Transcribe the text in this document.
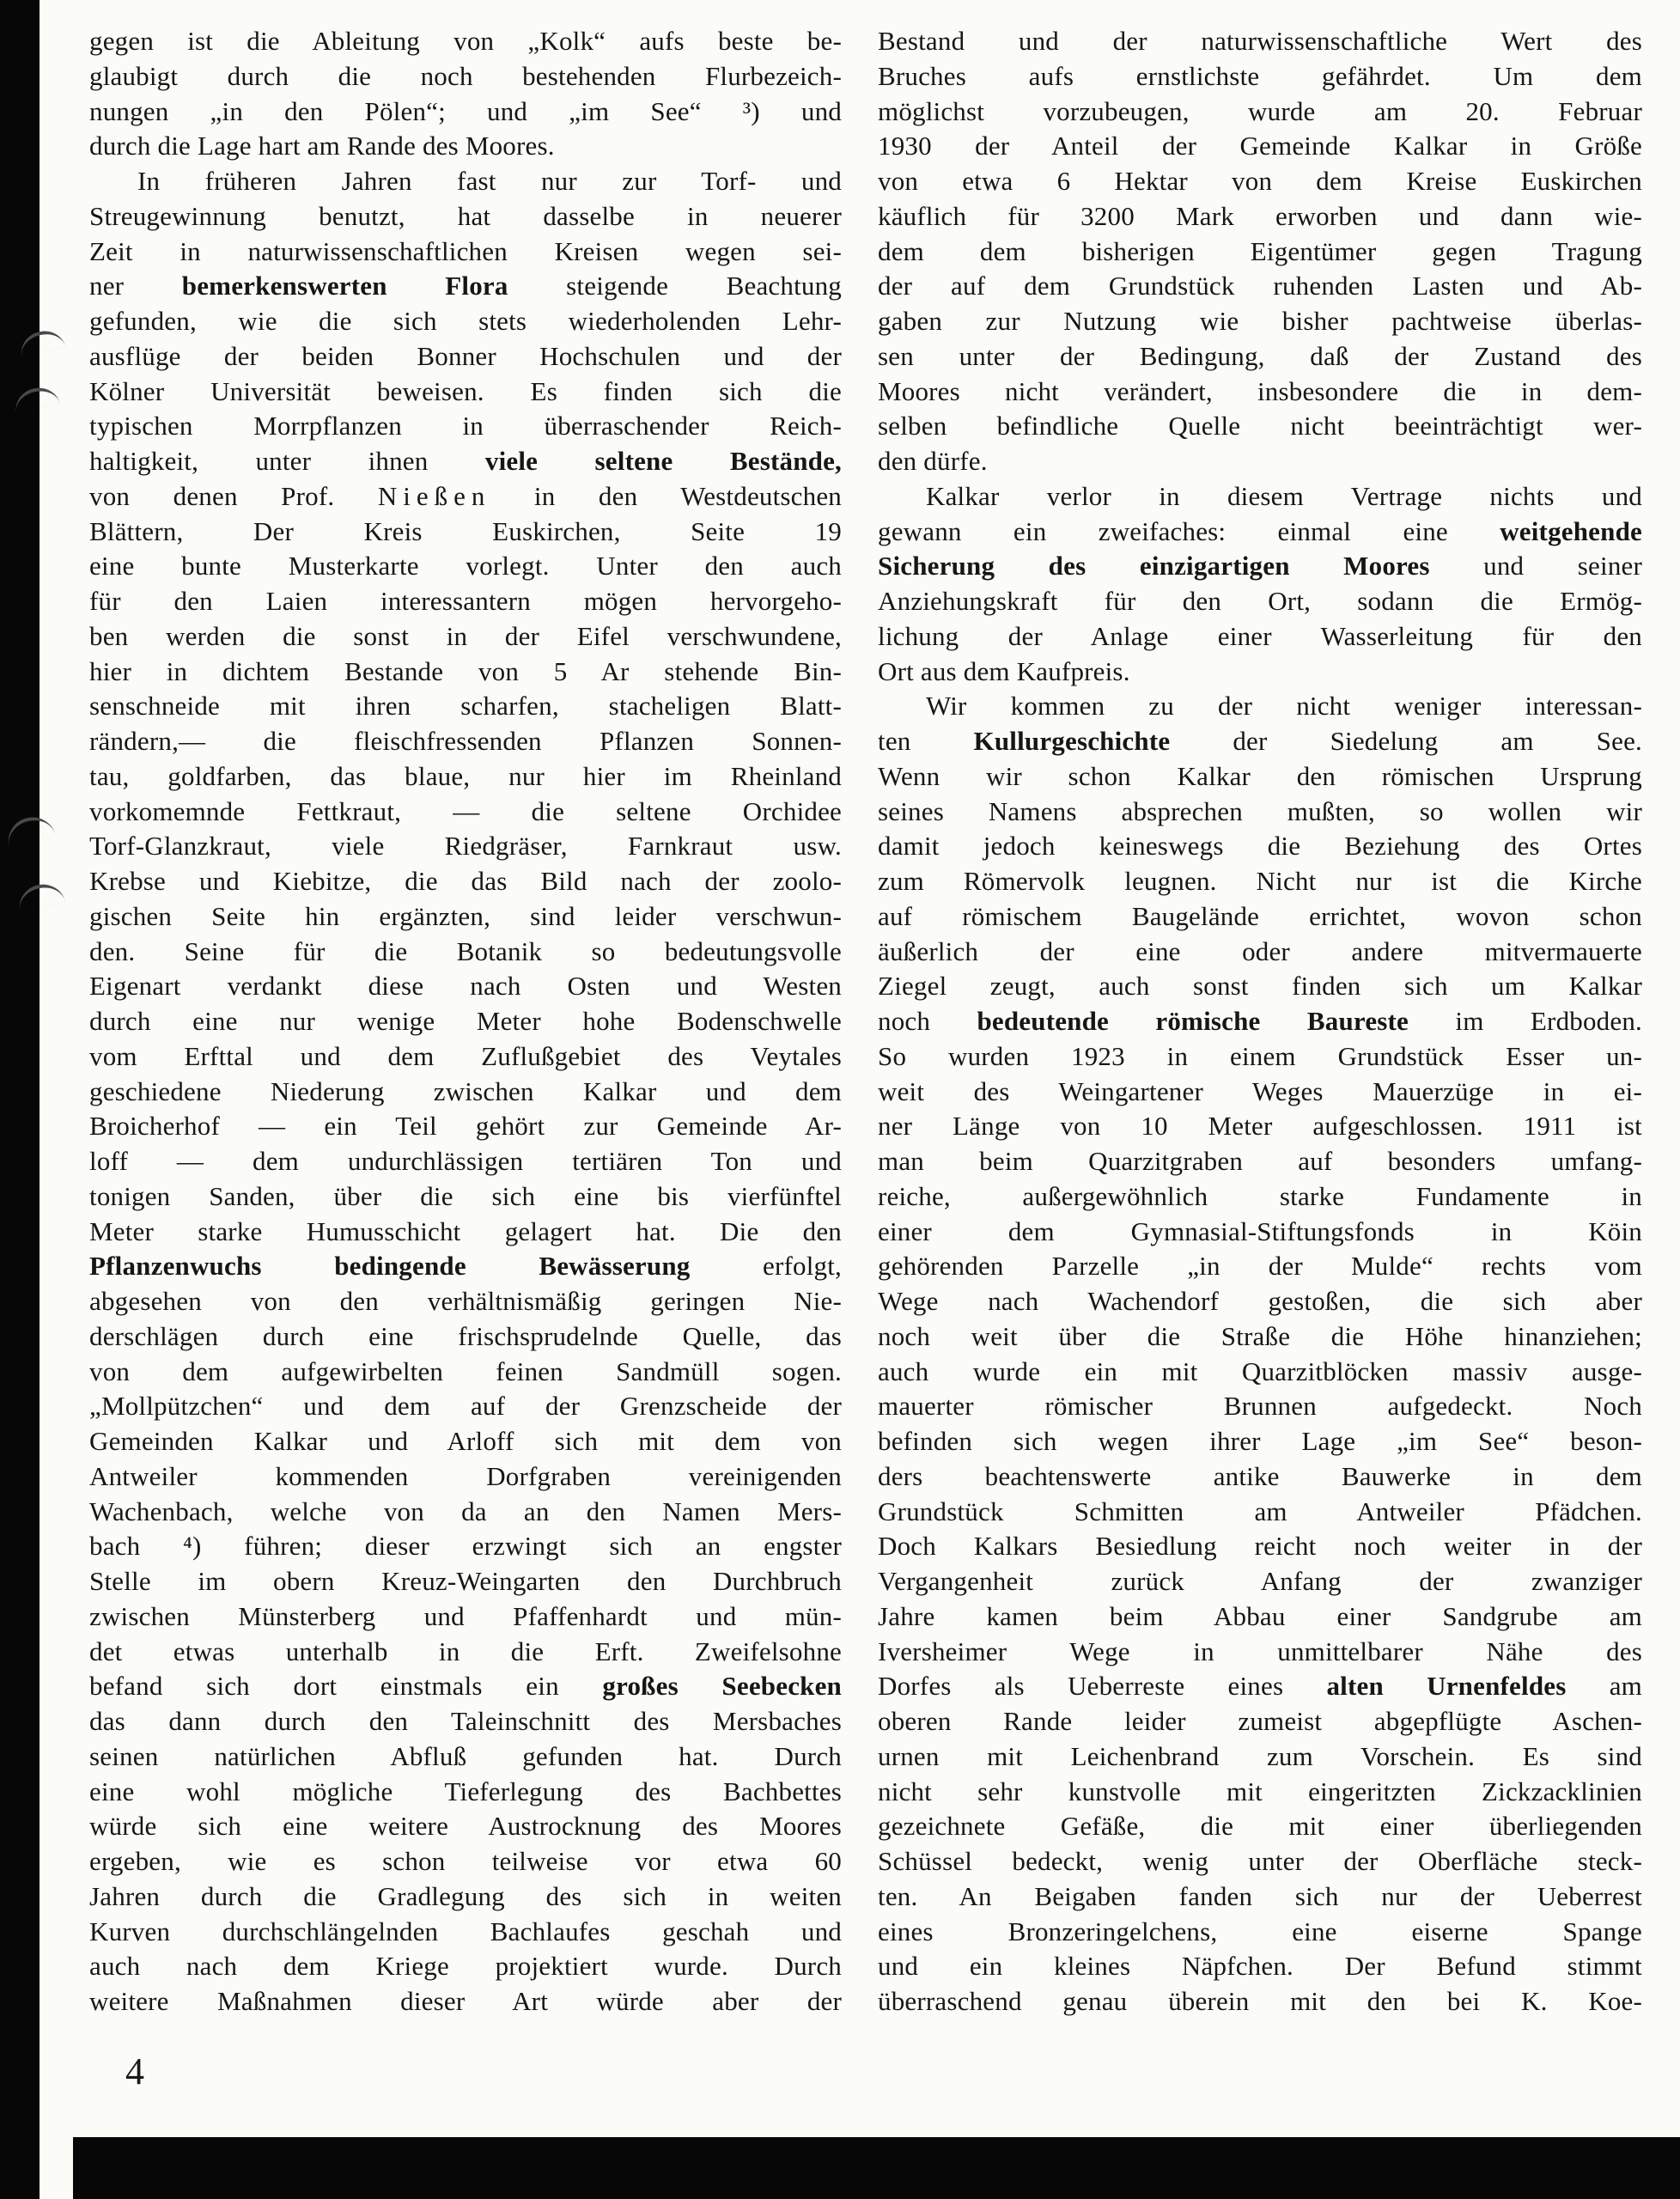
gegen ist die Ableitung von „Kolk“ aufs beste be-
glaubigt durch die noch bestehenden Flurbezeich-
nungen „in den Pölen“; und „im See“ ³) und
durch die Lage hart am Rande des Moores.
In früheren Jahren fast nur zur Torf- und
Streugewinnung benutzt, hat dasselbe in neuerer
Zeit in naturwissenschaftlichen Kreisen wegen sei-
ner bemerkenswerten Flora steigende Beachtung
gefunden, wie die sich stets wiederholenden Lehr-
ausflüge der beiden Bonner Hochschulen und der
Kölner Universität beweisen. Es finden sich die
typischen Morrpflanzen in überraschender Reich-
haltigkeit, unter ihnen viele seltene Bestände,
von denen Prof. Nießen in den Westdeutschen
Blättern, Der Kreis Euskirchen, Seite 19
eine bunte Musterkarte vorlegt. Unter den auch
für den Laien interessantern mögen hervorgeho-
ben werden die sonst in der Eifel verschwundene,
hier in dichtem Bestande von 5 Ar stehende Bin-
senschneide mit ihren scharfen, stacheligen Blatt-
rändern,— die fleischfressenden Pflanzen Sonnen-
tau, goldfarben, das blaue, nur hier im Rheinland
vorkomemnde Fettkraut, — die seltene Orchidee
Torf-Glanzkraut, viele Riedgräser, Farnkraut usw.
Krebse und Kiebitze, die das Bild nach der zoolo-
gischen Seite hin ergänzten, sind leider verschwun-
den. Seine für die Botanik so bedeutungsvolle
Eigenart verdankt diese nach Osten und Westen
durch eine nur wenige Meter hohe Bodenschwelle
vom Erfttal und dem Zuflußgebiet des Veytales
geschiedene Niederung zwischen Kalkar und dem
Broicherhof — ein Teil gehört zur Gemeinde Ar-
loff — dem undurchlässigen tertiären Ton und
tonigen Sanden, über die sich eine bis vierfünftel
Meter starke Humusschicht gelagert hat. Die den
Pflanzenwuchs bedingende Bewässerung erfolgt,
abgesehen von den verhältnismäßig geringen Nie-
derschlägen durch eine frischsprudelnde Quelle, das
von dem aufgewirbelten feinen Sandmüll sogen.
„Mollpützchen“ und dem auf der Grenzscheide der
Gemeinden Kalkar und Arloff sich mit dem von
Antweiler kommenden Dorfgraben vereinigenden
Wachenbach, welche von da an den Namen Mers-
bach ⁴) führen; dieser erzwingt sich an engster
Stelle im obern Kreuz-Weingarten den Durchbruch
zwischen Münsterberg und Pfaffenhardt und mün-
det etwas unterhalb in die Erft. Zweifelsohne
befand sich dort einstmals ein großes Seebecken
das dann durch den Taleinschnitt des Mersbaches
seinen natürlichen Abfluß gefunden hat. Durch
eine wohl mögliche Tieferlegung des Bachbettes
würde sich eine weitere Austrocknung des Moores
ergeben, wie es schon teilweise vor etwa 60
Jahren durch die Gradlegung des sich in weiten
Kurven durchschlängelnden Bachlaufes geschah und
auch nach dem Kriege projektiert wurde. Durch
weitere Maßnahmen dieser Art würde aber der
Bestand und der naturwissenschaftliche Wert des
Bruches aufs ernstlichste gefährdet. Um dem
möglichst vorzubeugen, wurde am 20. Februar
1930 der Anteil der Gemeinde Kalkar in Größe
von etwa 6 Hektar von dem Kreise Euskirchen
käuflich für 3200 Mark erworben und dann wie-
dem dem bisherigen Eigentümer gegen Tragung
der auf dem Grundstück ruhenden Lasten und Ab-
gaben zur Nutzung wie bisher pachtweise überlas-
sen unter der Bedingung, daß der Zustand des
Moores nicht verändert, insbesondere die in dem-
selben befindliche Quelle nicht beeinträchtigt wer-
den dürfe.
Kalkar verlor in diesem Vertrage nichts und
gewann ein zweifaches: einmal eine weitgehende
Sicherung des einzigartigen Moores und seiner
Anziehungskraft für den Ort, sodann die Ermög-
lichung der Anlage einer Wasserleitung für den
Ort aus dem Kaufpreis.
Wir kommen zu der nicht weniger interessan-
ten Kullurgeschichte der Siedelung am See.
Wenn wir schon Kalkar den römischen Ursprung
seines Namens absprechen mußten, so wollen wir
damit jedoch keineswegs die Beziehung des Ortes
zum Römervolk leugnen. Nicht nur ist die Kirche
auf römischem Baugelände errichtet, wovon schon
äußerlich der eine oder andere mitvermauerte
Ziegel zeugt, auch sonst finden sich um Kalkar
noch bedeutende römische Baureste im Erdboden.
So wurden 1923 in einem Grundstück Esser un-
weit des Weingartener Weges Mauerzüge in ei-
ner Länge von 10 Meter aufgeschlossen. 1911 ist
man beim Quarzitgraben auf besonders umfang-
reiche, außergewöhnlich starke Fundamente in
einer dem Gymnasial-Stiftungsfonds in Köin
gehörenden Parzelle „in der Mulde“ rechts vom
Wege nach Wachendorf gestoßen, die sich aber
noch weit über die Straße die Höhe hinanziehen;
auch wurde ein mit Quarzitblöcken massiv ausge-
mauerter römischer Brunnen aufgedeckt. Noch
befinden sich wegen ihrer Lage „im See“ beson-
ders beachtenswerte antike Bauwerke in dem
Grundstück Schmitten am Antweiler Pfädchen.
Doch Kalkars Besiedlung reicht noch weiter in der
Vergangenheit zurück Anfang der zwanziger
Jahre kamen beim Abbau einer Sandgrube am
Iversheimer Wege in unmittelbarer Nähe des
Dorfes als Ueberreste eines alten Urnenfeldes am
oberen Rande leider zumeist abgepflügte Aschen-
urnen mit Leichenbrand zum Vorschein. Es sind
nicht sehr kunstvolle mit eingeritzten Zickzacklinien
gezeichnete Gefäße, die mit einer überliegenden
Schüssel bedeckt, wenig unter der Oberfläche steck-
ten. An Beigaben fanden sich nur der Ueberrest
eines Bronzeringelchens, eine eiserne Spange
und ein kleines Näpfchen. Der Befund stimmt
überraschend genau überein mit den bei K. Koe-
4
